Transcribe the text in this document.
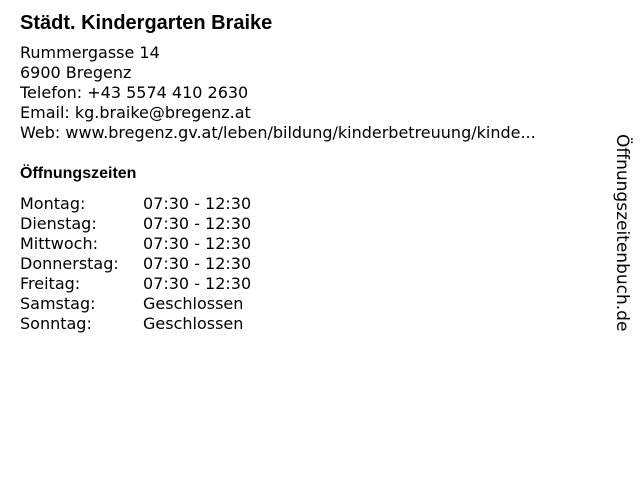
Städt. Kindergarten Braike
Rummergasse 14
6900 Bregenz
Telefon: +43 5574 410 2630
Email: kg.braike@bregenz.at
Web: www.bregenz.gv.at/leben/bildung/kinderbetreuung/kinde...
Öffnungszeiten
Montag:	07:30 - 12:30
Dienstag:	07:30 - 12:30
Mittwoch:	07:30 - 12:30
Donnerstag:	07:30 - 12:30
Freitag:	07:30 - 12:30
Samstag:	Geschlossen
Sonntag:	Geschlossen	Öffnungszeitenbuch.de
